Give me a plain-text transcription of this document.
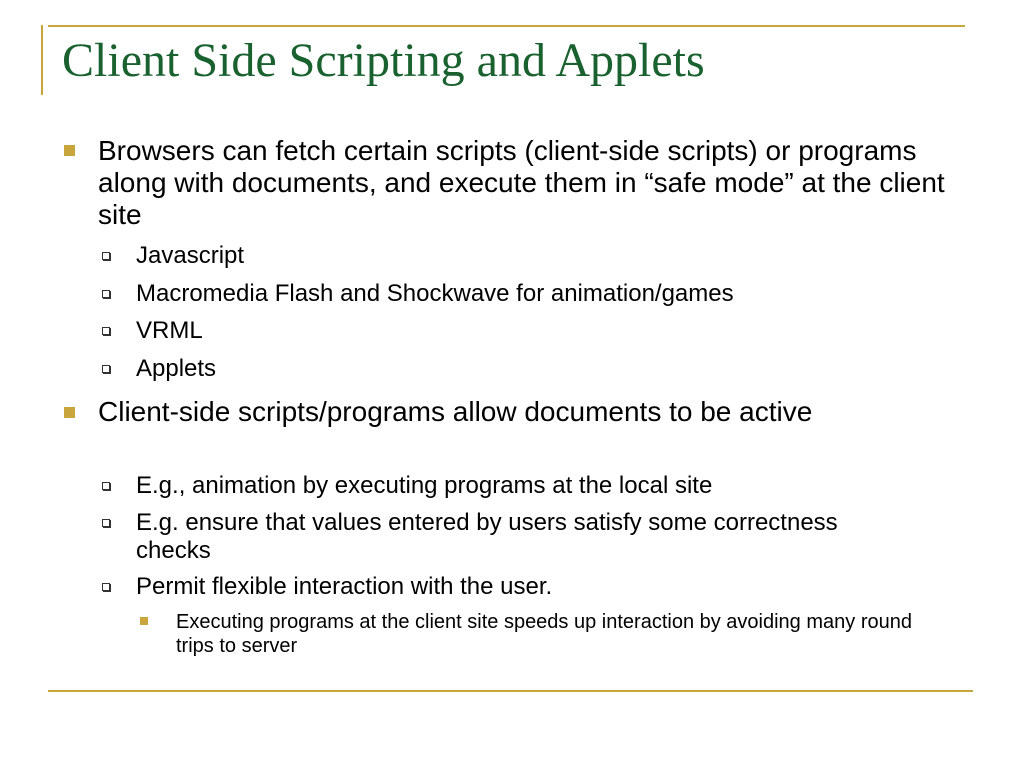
Client Side Scripting and Applets

Browsers can fetch certain scripts (client-side scripts) or programs along with documents, and execute them in “safe mode” at the client site

Javascript

Macromedia Flash and Shockwave for animation/games

VRML

Applets

Client-side scripts/programs allow documents to be active

E.g., animation by executing programs at the local site

E.g. ensure that values entered by users satisfy some correctness checks

Permit flexible interaction with the user.

Executing programs at the client site speeds up interaction by avoiding many round trips to server
